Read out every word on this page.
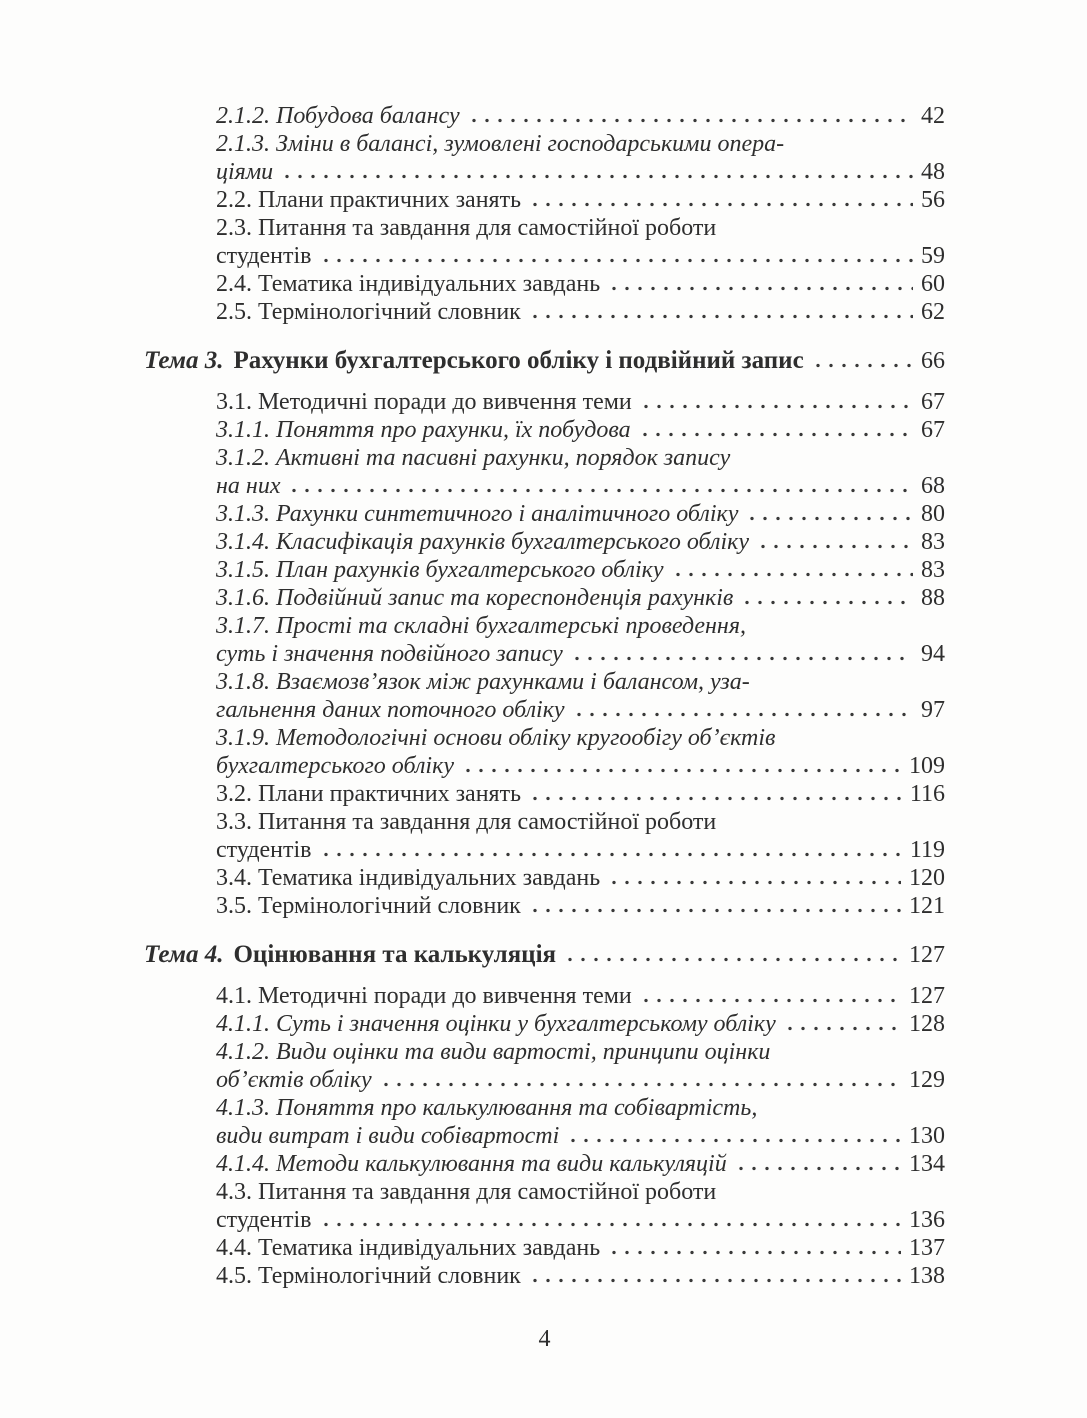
2.1.2. Побудова балансу	42
2.1.3. Зміни в балансі, зумовлені господарськими опера-
ціями	48
2.2. Плани практичних занять	56
2.3. Питання та завдання для самостійної роботи
студентів	59
2.4. Тематика індивідуальних завдань	60
2.5. Термінологічний словник	62
Тема 3. Рахунки бухгалтерського обліку і подвійний запис	66
3.1. Методичні поради до вивчення теми	67
3.1.1. Поняття про рахунки, їх побудова	67
3.1.2. Активні та пасивні рахунки, порядок запису
на них	68
3.1.3. Рахунки синтетичного і аналітичного обліку	80
3.1.4. Класифікація рахунків бухгалтерського обліку	83
3.1.5. План рахунків бухгалтерського обліку	83
3.1.6. Подвійний запис та кореспонденція рахунків	88
3.1.7. Прості та складні бухгалтерські проведення,
суть і значення подвійного запису	94
3.1.8. Взаємозв’язок між рахунками і балансом, уза-
гальнення даних поточного обліку	97
3.1.9. Методологічні основи обліку кругообігу об’єктів
бухгалтерського обліку	109
3.2. Плани практичних занять	116
3.3. Питання та завдання для самостійної роботи
студентів	119
3.4. Тематика індивідуальних завдань	120
3.5. Термінологічний словник	121
Тема 4. Оцінювання та калькуляція	127
4.1. Методичні поради до вивчення теми	127
4.1.1. Суть і значення оцінки у бухгалтерському обліку	128
4.1.2. Види оцінки та види вартості, принципи оцінки
об’єктів обліку	129
4.1.3. Поняття про калькулювання та собівартість,
види витрат і види собівартості	130
4.1.4. Методи калькулювання та види калькуляцій	134
4.3. Питання та завдання для самостійної роботи
студентів	136
4.4. Тематика індивідуальних завдань	137
4.5. Термінологічний словник	138
4
